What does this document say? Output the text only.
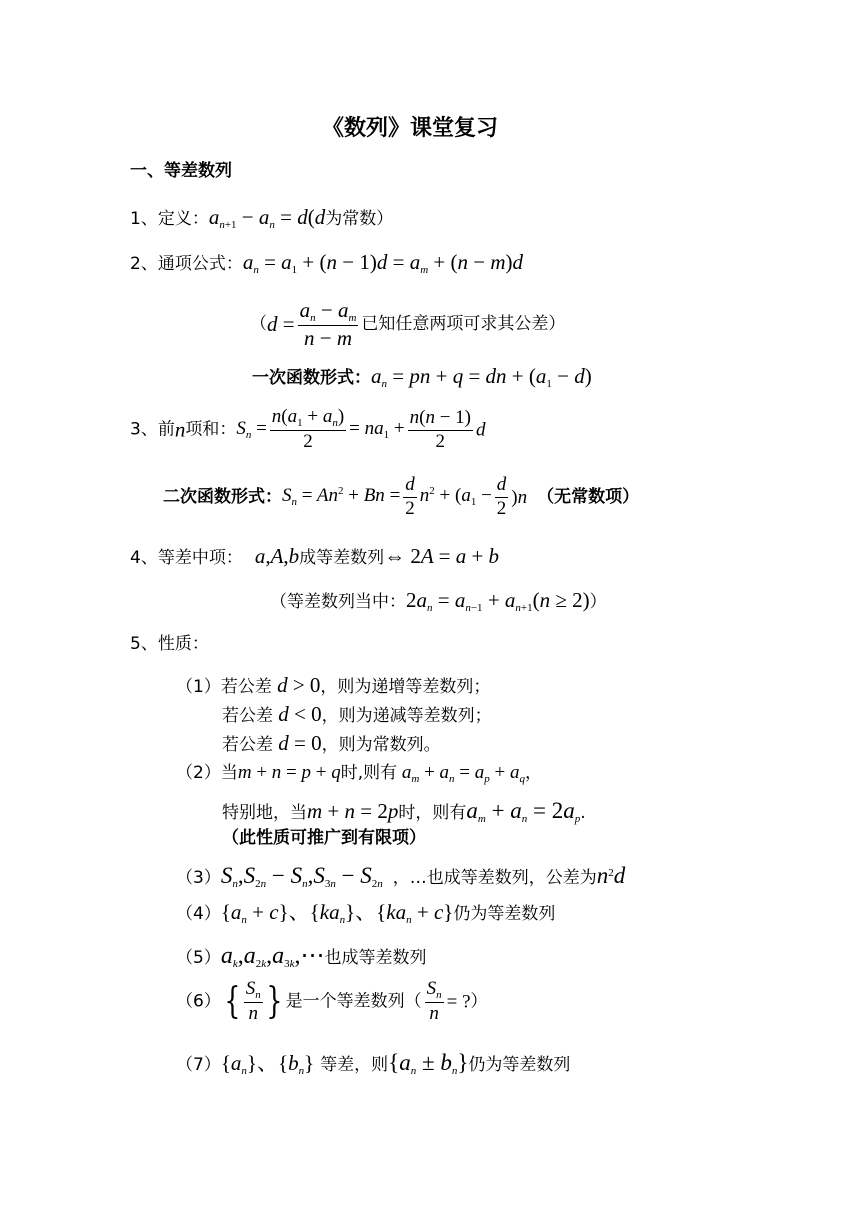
《数列》课堂复习
一、等差数列
1、定义：$a_{n+1} - a_n = d(d$为常数）
2、通项公式：$a_n = a_1 + (n - 1)d = a_m + (n - m)d$
（$d = \frac{a_n - a_m}{n - m}$ 已知任意两项可求其公差）
一次函数形式：$a_n$ = pn + q = dn + $(a_1 - d)$
3、前n项和：$S_n = \frac{n(a_1 + a_n)}{2} = na_1 + \frac{n(n - 1)}{2}$ d
二次函数形式：$S_n = An^2 + Bn = \frac{d}{2} n^2 + (a_1 - \frac{d}{2} )n$ （无常数项）
4、等差中项： a,A,b成等差数列⇔ 2A = a + b
（等差数列当中：$2a_n = a_{n-1} + a_{n+1}(n \ge 2)$）
5、性质：
（1）若公差 d > 0，则为递增等差数列；
若公差 d < 0，则为递减等差数列；
若公差 d = 0，则为常数列。
（2）当m + n = p + q时,则有 $a_m + a_n = a_p + a_q$，
特别地，当m + n = 2p时，则有$a_m + a_n = 2a_p$.
（此性质可推广到有限项）
$(3)S_n,S_{2n} - S_n,S_{3n} - S_{2n}$ ，…也成等差数列，公差为$n^2d$
$(4)\{a_n + c\}$、$\{ka_n\}$、$\{ka_n + c\}$仍为等差数列
$(5)a_k,a_{2k},a_{3k},\cdots$也成等差数列
$(6)\{ \frac{S_n}{n}$ } 是一个等差数列（ $\frac{S_n}{n}$ = ?）
$(7)\{a_n\}$、$\{b_n\}$ 等差，则$\{a_n \pm b_n\}$仍为等差数列
